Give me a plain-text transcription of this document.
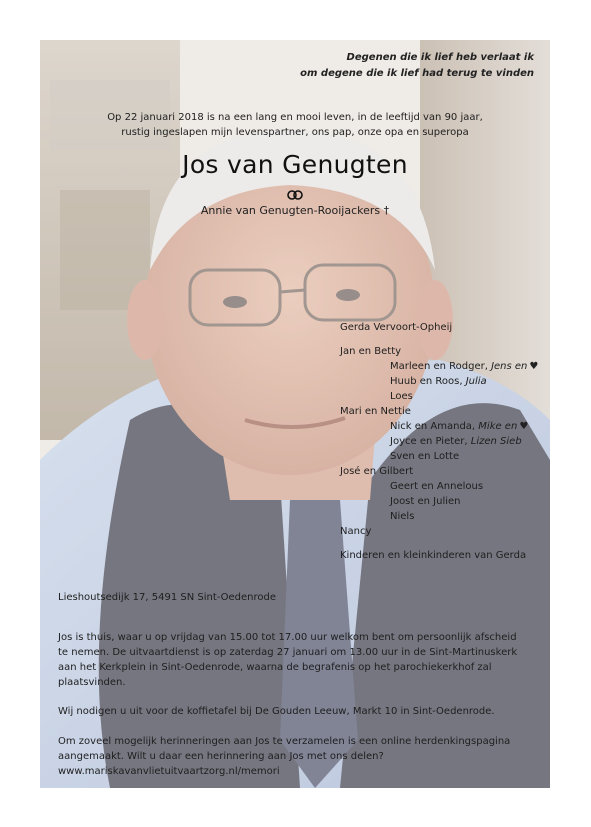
Degenen die ik lief heb verlaat ik
om degene die ik lief had terug te vinden
Op 22 januari 2018 is na een lang en mooi leven, in de leeftijd van 90 jaar,
rustig ingeslapen mijn levenspartner, ons pap, onze opa en superopa
Jos van Genugten
Annie van Genugten-Rooijackers †
Gerda Vervoort-Opheij
Jan en Betty
Marleen en Rodger, Jens en ♥
Huub en Roos, Julia
Loes
Mari en Nettie
Nick en Amanda, Mike en ♥
Joyce en Pieter, Lizen Sieb
Sven en Lotte
José en Gilbert
Geert en Annelous
Joost en Julien
Niels
Nancy
Kinderen en kleinkinderen van Gerda
Lieshoutsedijk 17, 5491 SN Sint-Oedenrode
Jos is thuis, waar u op vrijdag van 15.00 tot 17.00 uur welkom bent om persoonlijk afscheid
te nemen. De uitvaartdienst is op zaterdag 27 januari om 13.00 uur in de Sint-Martinuskerk
aan het Kerkplein in Sint-Oedenrode, waarna de begrafenis op het parochiekerkhof zal
plaatsvinden.
Wij nodigen u uit voor de koffietafel bij De Gouden Leeuw, Markt 10 in Sint-Oedenrode.
Om zoveel mogelijk herinneringen aan Jos te verzamelen is een online herdenkingspagina
aangemaakt. Wilt u daar een herinnering aan Jos met ons delen?
www.mariskavanvlietuitvaartzorg.nl/memori
